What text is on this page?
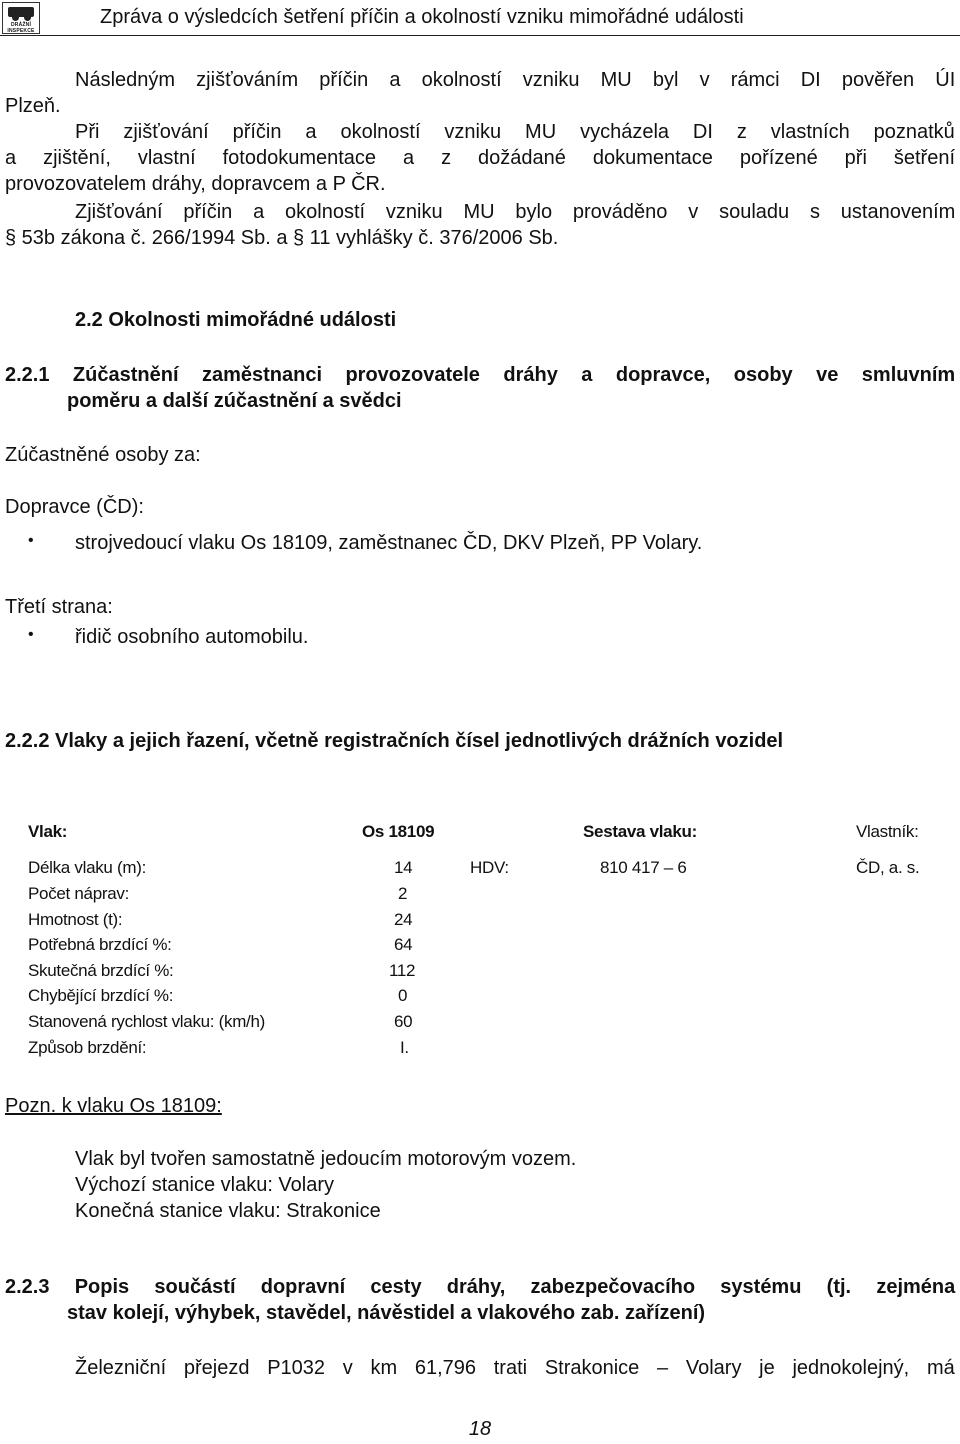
DRÁŽNÍ
INSPEKCE
Zpráva o výsledcích šetření příčin a okolností vzniku mimořádné události
Následným zjišťováním příčin a okolností vzniku MU byl v rámci DI pověřen ÚI
Plzeň.
Při zjišťování příčin a okolností vzniku MU vycházela DI z vlastních poznatků
a zjištění, vlastní fotodokumentace a z dožádané dokumentace pořízené při šetření
provozovatelem dráhy, dopravcem a P ČR.
Zjišťování příčin a okolností vzniku MU bylo prováděno v souladu s ustanovením
§ 53b zákona č. 266/1994 Sb. a § 11 vyhlášky č. 376/2006 Sb.
2.2 Okolnosti mimořádné události
2.2.1 Zúčastnění zaměstnanci provozovatele dráhy a dopravce, osoby ve smluvním
poměru a další zúčastnění a svědci
Zúčastněné osoby za:
Dopravce (ČD):
• strojvedoucí vlaku Os 18109, zaměstnanec ČD, DKV Plzeň, PP Volary.
Třetí strana:
• řidič osobního automobilu.
2.2.2 Vlaky a jejich řazení, včetně registračních čísel jednotlivých drážních vozidel
Vlak:	Os 18109	Sestava vlaku:	Vlastník:
Délka vlaku (m):	14	HDV:	810 417 – 6	ČD, a. s.
Počet náprav:	2
Hmotnost (t):	24
Potřebná brzdící %:	64
Skutečná brzdící %:	112
Chybějící brzdící %:	0
Stanovená rychlost vlaku: (km/h)	60
Způsob brzdění:	I.
Pozn. k vlaku Os 18109:
Vlak byl tvořen samostatně jedoucím motorovým vozem.
Výchozí stanice vlaku: Volary
Konečná stanice vlaku: Strakonice
2.2.3 Popis součástí dopravní cesty dráhy, zabezpečovacího systému (tj. zejména
stav kolejí, výhybek, stavědel, návěstidel a vlakového zab. zařízení)
Železniční přejezd P1032 v km 61,796 trati Strakonice – Volary je jednokolejný, má
18
